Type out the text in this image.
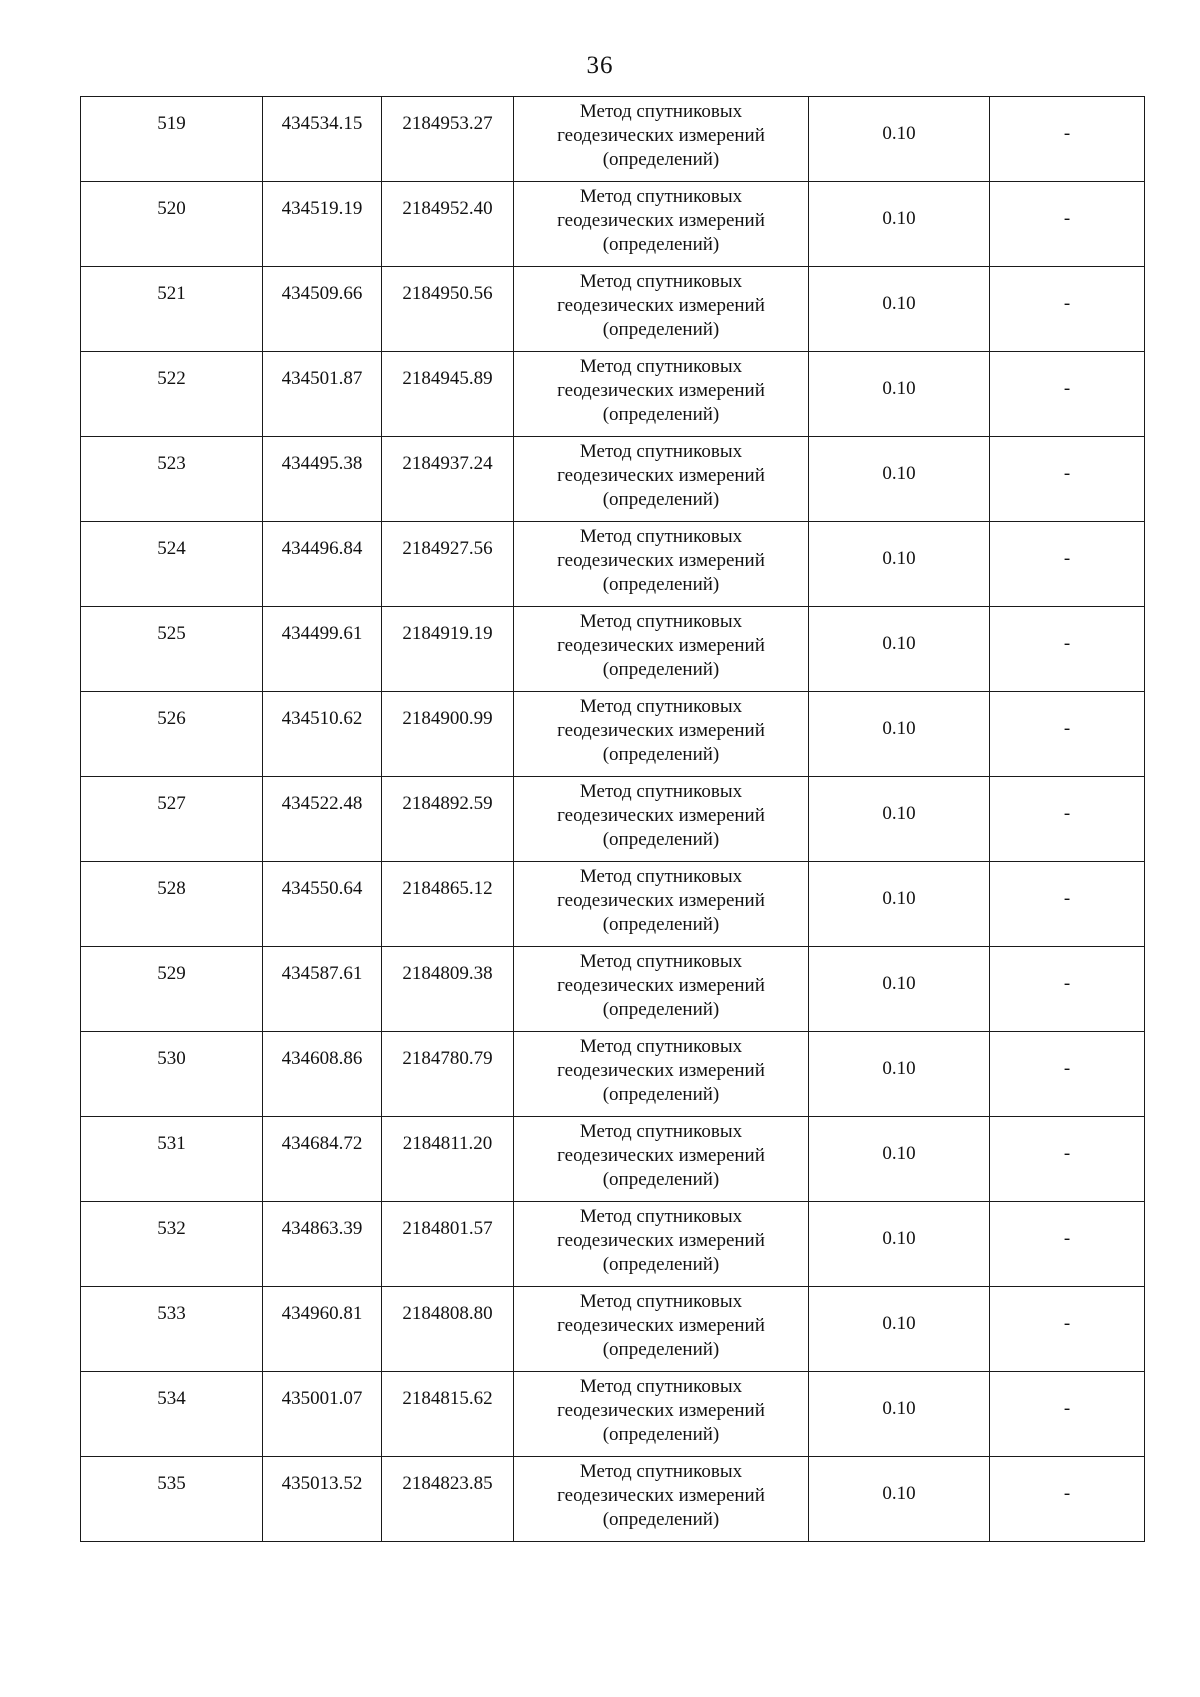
36
519	434534.15	2184953.27	Метод спутниковых
геодезических измерений
(определений)	0.10	-

520	434519.19	2184952.40	Метод спутниковых
геодезических измерений
(определений)	0.10	-

521	434509.66	2184950.56	Метод спутниковых
геодезических измерений
(определений)	0.10	-

522	434501.87	2184945.89	Метод спутниковых
геодезических измерений
(определений)	0.10	-

523	434495.38	2184937.24	Метод спутниковых
геодезических измерений
(определений)	0.10	-

524	434496.84	2184927.56	Метод спутниковых
геодезических измерений
(определений)	0.10	-

525	434499.61	2184919.19	Метод спутниковых
геодезических измерений
(определений)	0.10	-

526	434510.62	2184900.99	Метод спутниковых
геодезических измерений
(определений)	0.10	-

527	434522.48	2184892.59	Метод спутниковых
геодезических измерений
(определений)	0.10	-

528	434550.64	2184865.12	Метод спутниковых
геодезических измерений
(определений)	0.10	-

529	434587.61	2184809.38	Метод спутниковых
геодезических измерений
(определений)	0.10	-

530	434608.86	2184780.79	Метод спутниковых
геодезических измерений
(определений)	0.10	-

531	434684.72	2184811.20	Метод спутниковых
геодезических измерений
(определений)	0.10	-

532	434863.39	2184801.57	Метод спутниковых
геодезических измерений
(определений)	0.10	-

533	434960.81	2184808.80	Метод спутниковых
геодезических измерений
(определений)	0.10	-

534	435001.07	2184815.62	Метод спутниковых
геодезических измерений
(определений)	0.10	-

535	435013.52	2184823.85	Метод спутниковых
геодезических измерений
(определений)	0.10	-
